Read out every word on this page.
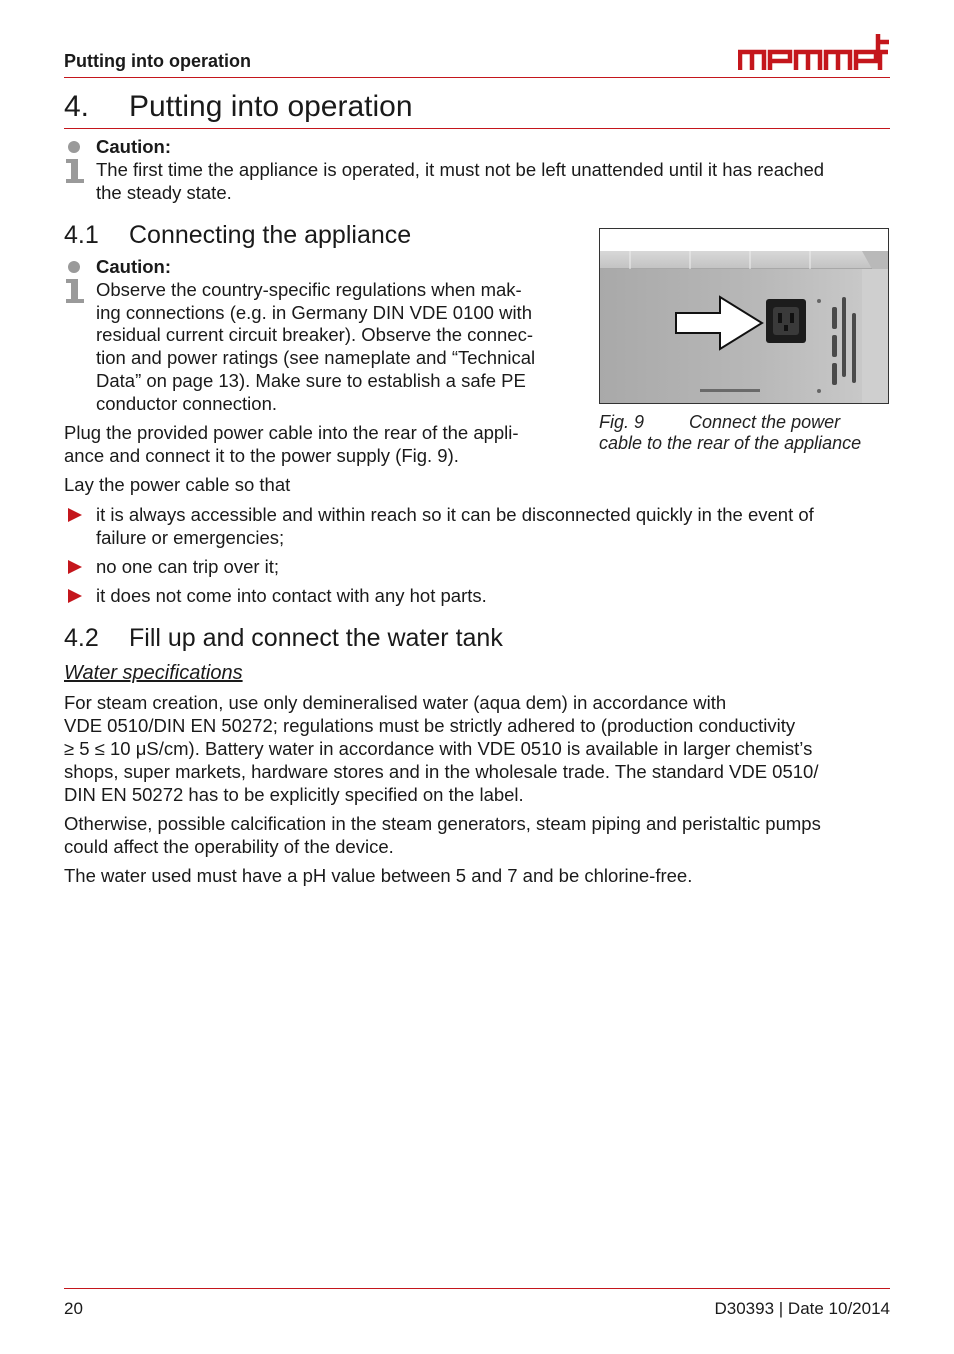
Putting into operation
4. Putting into operation
Caution:
The first time the appliance is operated, it must not be left unattended until it has reached
the steady state.
4.1 Connecting the appliance
Caution:
Observe the country-specific regulations when mak-
ing connections (e.g. in Germany DIN VDE 0100 with
residual current circuit breaker). Observe the connec-
tion and power ratings (see nameplate and “Technical
Data” on page 13). Make sure to establish a safe PE
conductor connection.
Plug the provided power cable into the rear of the appli-
ance and connect it to the power supply (Fig. 9).
Lay the power cable so that
it is always accessible and within reach so it can be disconnected quickly in the event of
failure or emergencies;
no one can trip over it;
it does not come into contact with any hot parts.
Fig. 9 Connect the power
cable to the rear of the appliance
4.2 Fill up and connect the water tank
Water specifications
For steam creation, use only demineralised water (aqua dem) in accordance with
VDE 0510/DIN EN 50272; regulations must be strictly adhered to (production conductivity
≥ 5 ≤ 10 μS/cm). Battery water in accordance with VDE 0510 is available in larger chemist’s
shops, super markets, hardware stores and in the wholesale trade. The standard VDE 0510/
DIN EN 50272 has to be explicitly specified on the label.
Otherwise, possible calcification in the steam generators, steam piping and peristaltic pumps
could affect the operability of the device.
The water used must have a pH value between 5 and 7 and be chlorine-free.
20	D30393 | Date 10/2014
